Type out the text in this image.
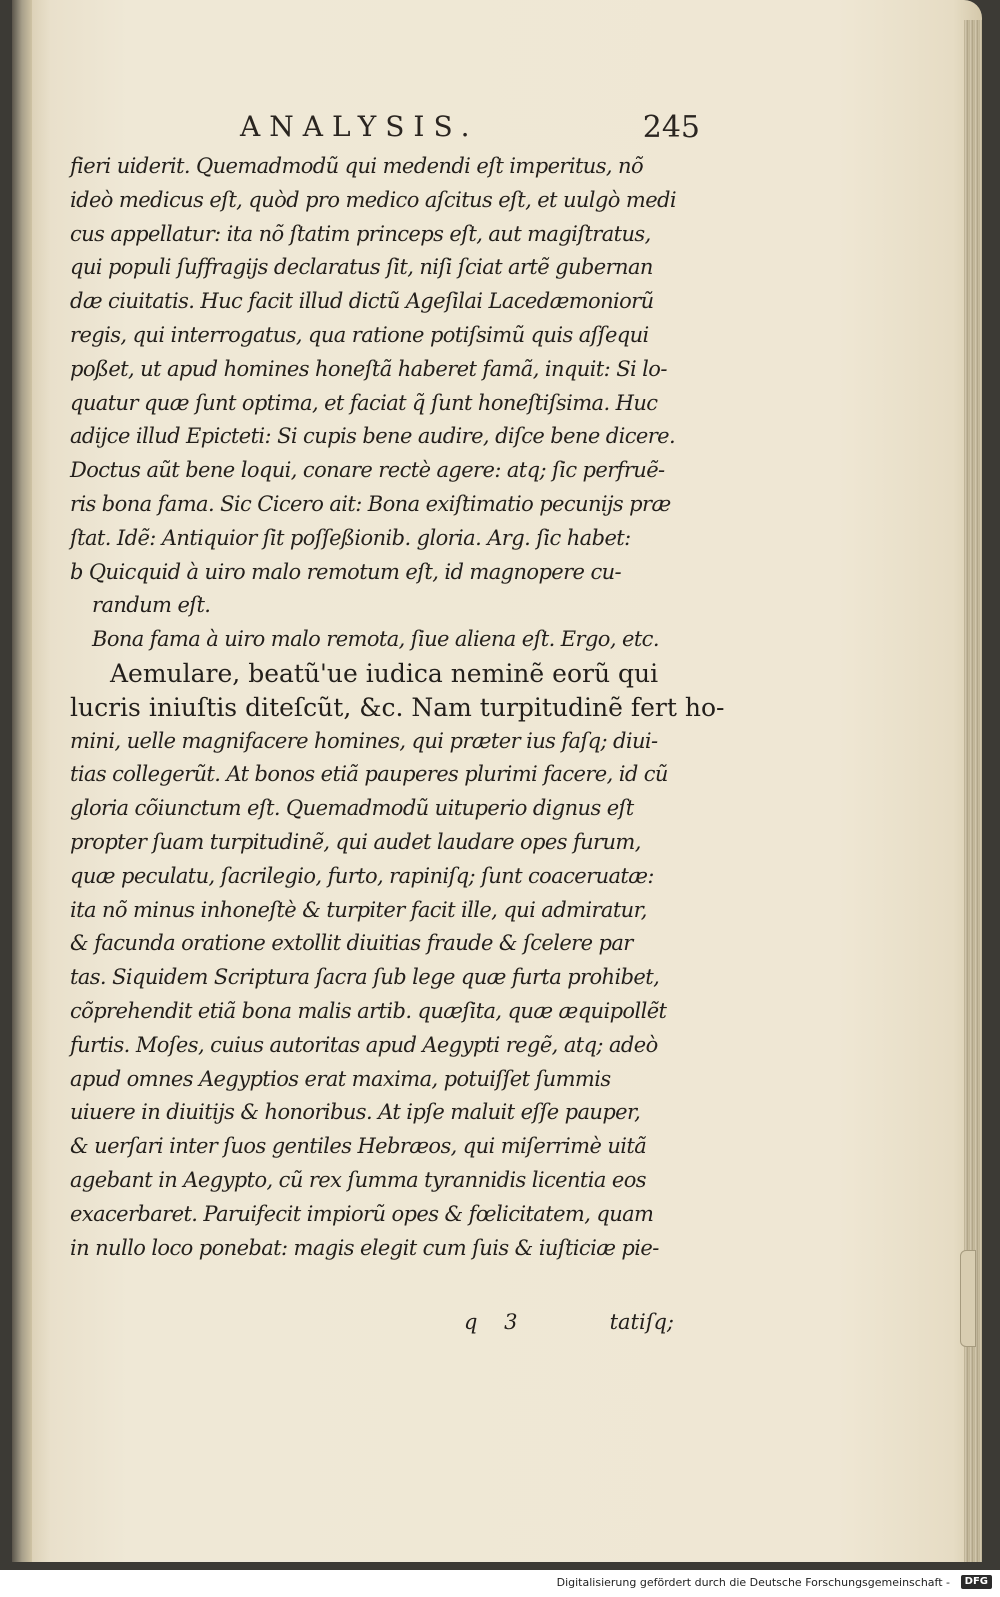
ANALYSIS.	245
fieri uiderit. Quemadmodũ qui medendi eſt imperitus, nõ
ideò medicus eſt, quòd pro medico aſcitus eſt, et uulgò medi
cus appellatur: ita nõ ſtatim princeps eſt, aut magiſtratus,
qui populi ſuffragijs declaratus ſit, niſi ſciat artẽ gubernan
dæ ciuitatis. Huc facit illud dictũ Ageſilai Lacedæmoniorũ
regis, qui interrogatus, qua ratione potiſsimũ quis aſſequi
poßet, ut apud homines honeſtã haberet famã, inquit: Si lo-
quatur quæ ſunt optima, et faciat q̃ ſunt honeſtiſsima. Huc
adijce illud Epicteti: Si cupis bene audire, diſce bene dicere.
Doctus aũt bene loqui, conare rectè agere: atq; ſic perfruẽ-
ris bona fama. Sic Cicero ait: Bona exiſtimatio pecunijs præ
ſtat. Idẽ: Antiquior ſit poſſeßionib. gloria. Arg. ſic habet:
b Quicquid à uiro malo remotum eſt, id magnopere cu-
randum eſt.
Bona fama à uiro malo remota, ſiue aliena eſt. Ergo, etc.
Aemulare, beatũ'ue iudica neminẽ eorũ qui
lucris iniuſtis diteſcũt, &c. Nam turpitudinẽ fert ho-
mini, uelle magnifacere homines, qui præter ius faſq; diui-
tias collegerũt. At bonos etiã pauperes plurimi facere, id cũ
gloria cõiunctum eſt. Quemadmodũ uituperio dignus eſt
propter ſuam turpitudinẽ, qui audet laudare opes furum,
quæ peculatu, ſacrilegio, furto, rapiniſq; ſunt coaceruatæ:
ita nõ minus inhoneſtè & turpiter facit ille, qui admiratur,
& facunda oratione extollit diuitias fraude & ſcelere par
tas. Siquidem Scriptura ſacra ſub lege quæ furta prohibet,
cõprehendit etiã bona malis artib. quæſita, quæ æquipollẽt
furtis. Moſes, cuius autoritas apud Aegypti regẽ, atq; adeò
apud omnes Aegyptios erat maxima, potuiſſet ſummis
uiuere in diuitijs & honoribus. At ipſe maluit eſſe pauper,
& uerſari inter ſuos gentiles Hebræos, qui miſerrimè uitã
agebant in Aegypto, cũ rex ſumma tyrannidis licentia eos
exacerbaret. Paruifecit impiorũ opes & fœlicitatem, quam
in nullo loco ponebat: magis elegit cum ſuis & iuſticiæ pie-
q 3	tatiſq;
Digitalisierung gefördert durch die Deutsche Forschungsgemeinschaft -	DFG
